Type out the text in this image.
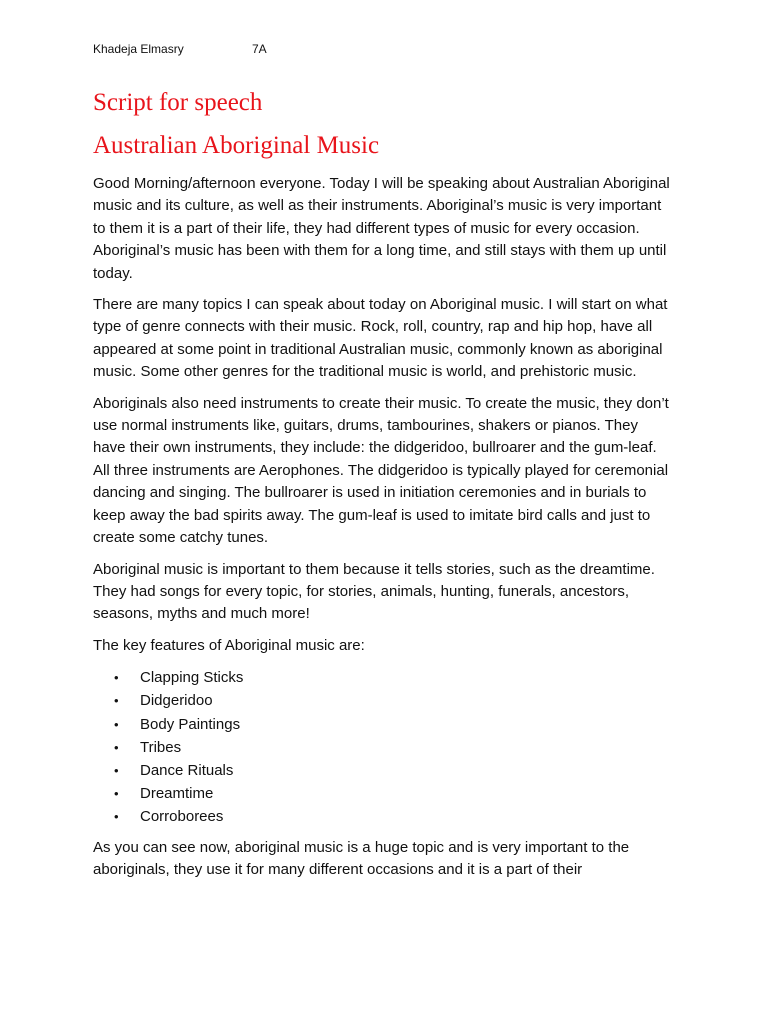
Khadeja Elmasry	7A
Script for speech
Australian Aboriginal Music

Good Morning/afternoon everyone. Today I will be speaking about Australian Aboriginal music and its culture, as well as their instruments. Aboriginal’s music is very important to them it is a part of their life, they had different types of music for every occasion. Aboriginal’s music has been with them for a long time, and still stays with them up until today.

There are many topics I can speak about today on Aboriginal music. I will start on what type of genre connects with their music. Rock, roll, country, rap and hip hop, have all appeared at some point in traditional Australian music, commonly known as aboriginal music. Some other genres for the traditional music is world, and prehistoric music.

Aboriginals also need instruments to create their music. To create the music, they don’t use normal instruments like, guitars, drums, tambourines, shakers or pianos. They have their own instruments, they include: the didgeridoo, bullroarer and the gum-leaf. All three instruments are Aerophones. The didgeridoo is typically played for ceremonial dancing and singing. The bullroarer is used in initiation ceremonies and in burials to keep away the bad spirits away. The gum-leaf is used to imitate bird calls and just to create some catchy tunes.

Aboriginal music is important to them because it tells stories, such as the dreamtime. They had songs for every topic, for stories, animals, hunting, funerals, ancestors, seasons, myths and much more!

The key features of Aboriginal music are:

• Clapping Sticks
• Didgeridoo
• Body Paintings
• Tribes
• Dance Rituals
• Dreamtime
• Corroborees

As you can see now, aboriginal music is a huge topic and is very important to the aboriginals, they use it for many different occasions and it is a part of their
